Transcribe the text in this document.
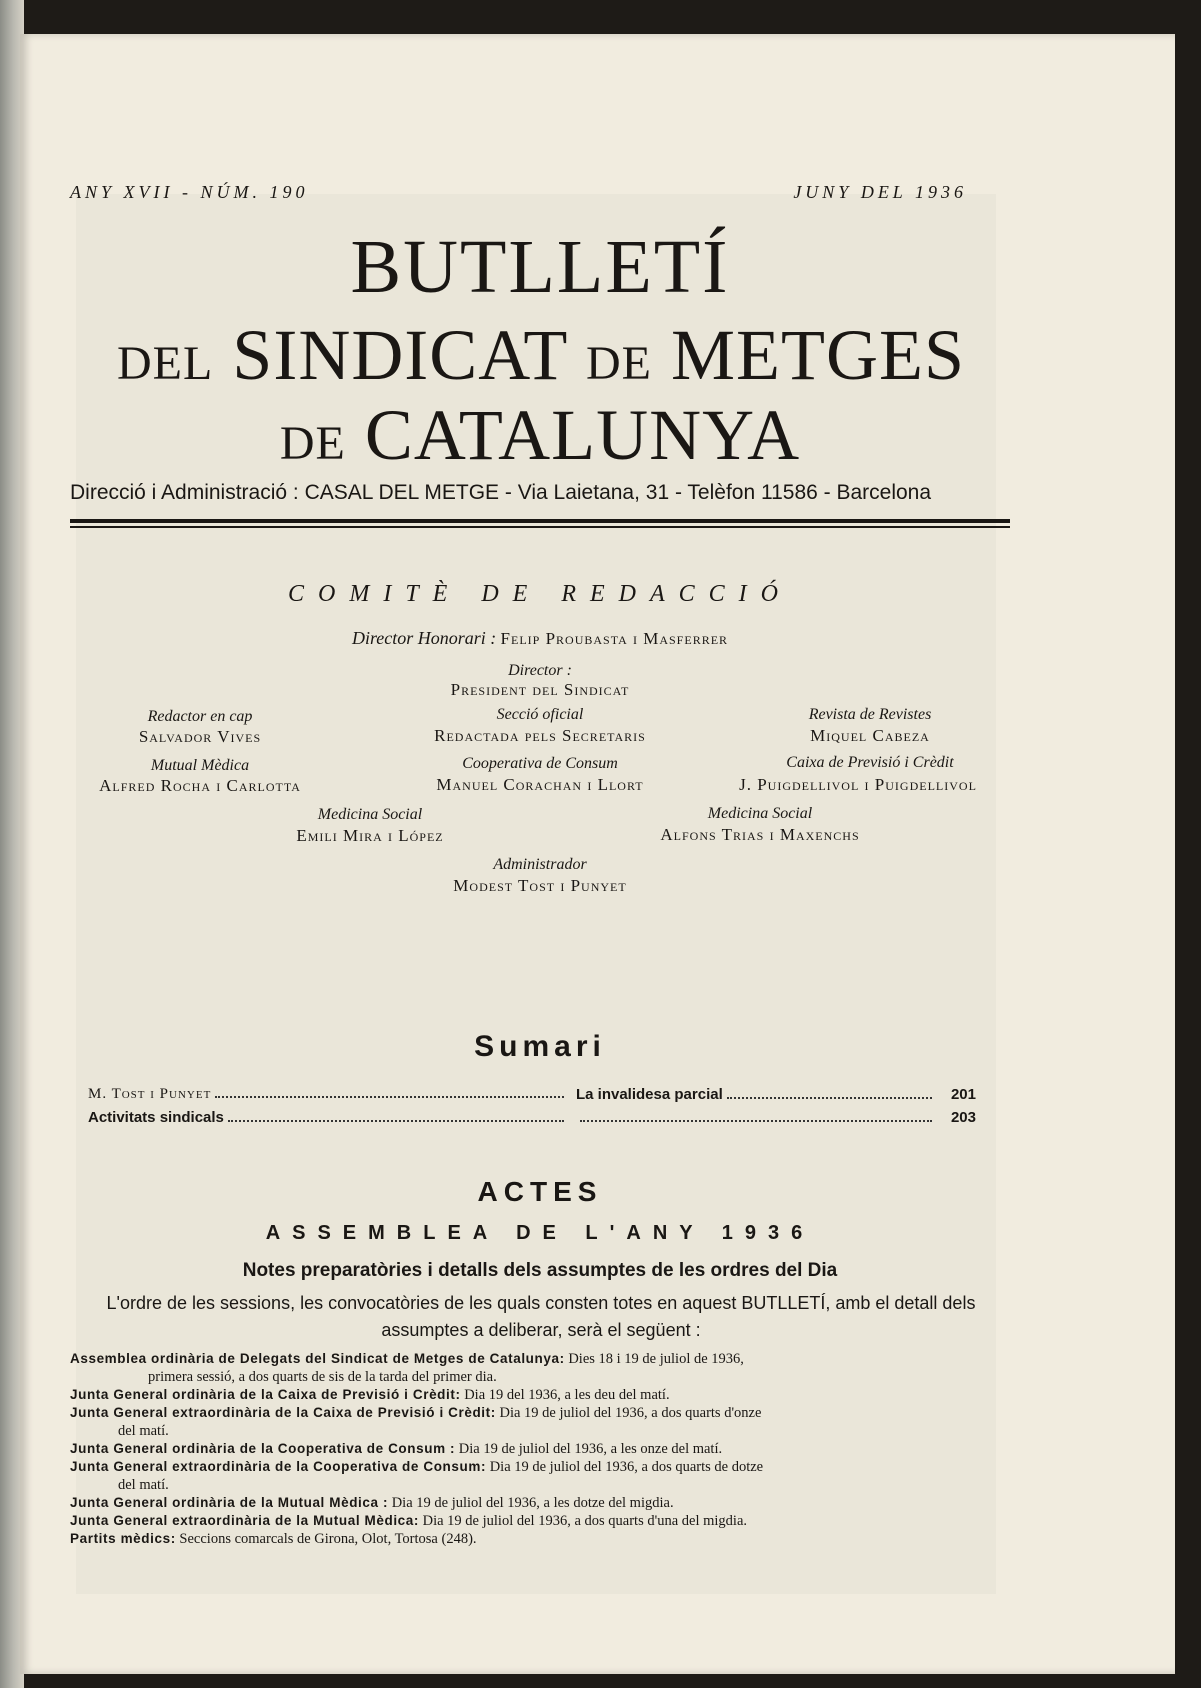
ANY XVII - NÚM. 190	JUNY DEL 1936
BUTLLETÍ
DEL SINDICAT DE METGES
DE CATALUNYA
Direcció i Administració : CASAL DEL METGE - Via Laietana, 31 - Telèfon 11586 - Barcelona
COMITÈ DE REDACCIÓ
Director Honorari : Felip Proubasta i Masferrer
Director :
President del Sindicat
Redactor en cap
Salvador Vives
Secció oficial
Redactada pels Secretaris
Revista de Revistes
Miquel Cabeza
Mutual Mèdica
Alfred Rocha i Carlotta
Cooperativa de Consum
Manuel Corachan i Llort
Caixa de Previsió i Crèdit
J. Puigdellivol i Puigdellivol
Medicina Social
Emili Mira i López
Medicina Social
Alfons Trias i Maxenchs
Administrador
Modest Tost i Punyet
Sumari
M. Tost i Punyet
Activitats sindicals
La invalidesa parcial	201
203
ACTES
ASSEMBLEA DE L'ANY 1936
Notes preparatòries i detalls dels assumptes de les ordres del Dia
L'ordre de les sessions, les convocatòries de les quals consten totes en aquest BUTLLETÍ, amb el detall dels assumptes a deliberar, serà el següent :

Assemblea ordinària de Delegats del Sindicat de Metges de Catalunya: Dies 18 i 19 de juliol de 1936,

primera sessió, a dos quarts de sis de la tarda del primer dia.

Junta General ordinària de la Caixa de Previsió i Crèdit: Dia 19 del 1936, a les deu del matí.

Junta General extraordinària de la Caixa de Previsió i Crèdit: Dia 19 de juliol del 1936, a dos quarts d'onze

del matí.

Junta General ordinària de la Cooperativa de Consum : Dia 19 de juliol del 1936, a les onze del matí.

Junta General extraordinària de la Cooperativa de Consum: Dia 19 de juliol del 1936, a dos quarts de dotze

del matí.

Junta General ordinària de la Mutual Mèdica : Dia 19 de juliol del 1936, a les dotze del migdia.

Junta General extraordinària de la Mutual Mèdica: Dia 19 de juliol del 1936, a dos quarts d'una del migdia.

Partits mèdics: Seccions comarcals de Girona, Olot, Tortosa (248).
